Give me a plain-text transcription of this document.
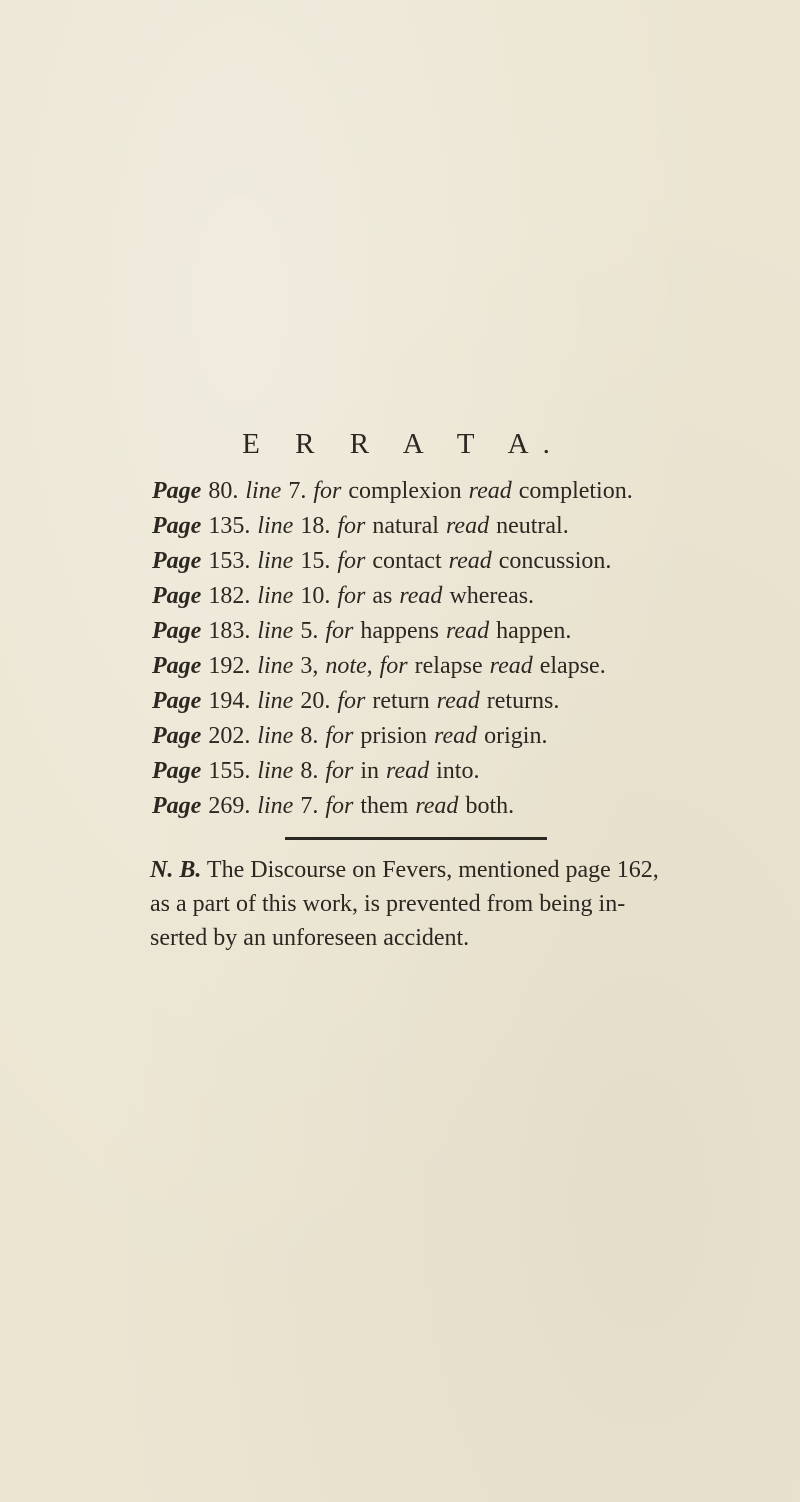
E R R A T A.
Page 80. line 7. for complexion read completion.
Page 135. line 18. for natural read neutral.
Page 153. line 15. for contact read concussion.
Page 182. line 10. for as read whereas.
Page 183. line 5. for happens read happen.
Page 192. line 3, note, for relapse read elapse.
Page 194. line 20. for return read returns.
Page 202. line 8. for prision read origin.
Page 155. line 8. for in read into.
Page 269. line 7. for them read both.
N. B. The Discourse on Fevers, mentioned page 162,
as a part of this work, is prevented from being in-
serted by an unforeseen accident.
